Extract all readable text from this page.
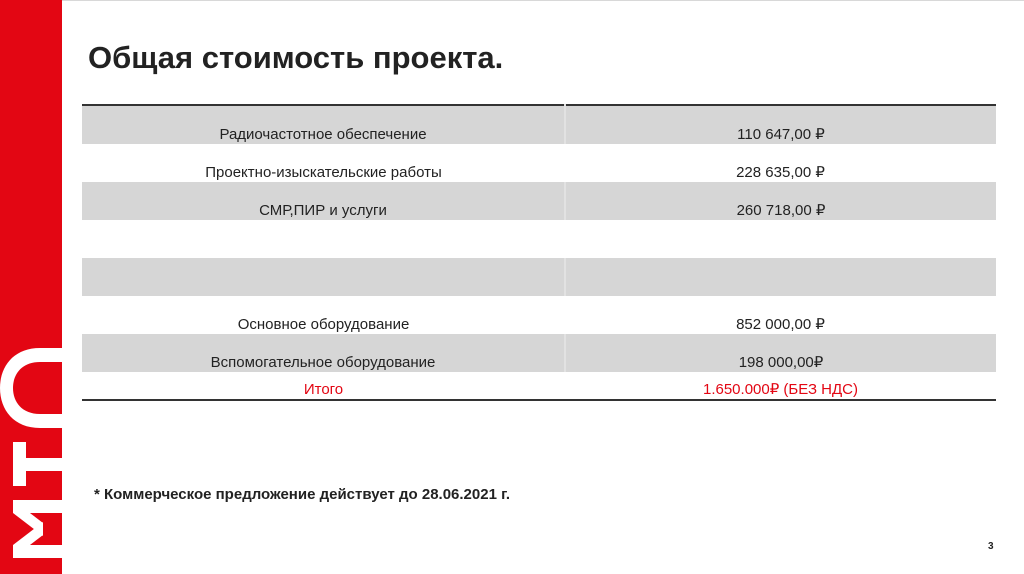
Общая стоимость проекта.
Радиочастотное обеспечение	110 647,00 ₽
Проектно-изыскательские работы	228 635,00 ₽
СМР,ПИР и услуги	260 718,00 ₽

Основное оборудование	852 000,00 ₽
Вспомогательное оборудование	198 000,00₽
Итого	1.650.000₽ (БЕЗ НДС)
* Коммерческое предложение действует до 28.06.2021 г.
3
